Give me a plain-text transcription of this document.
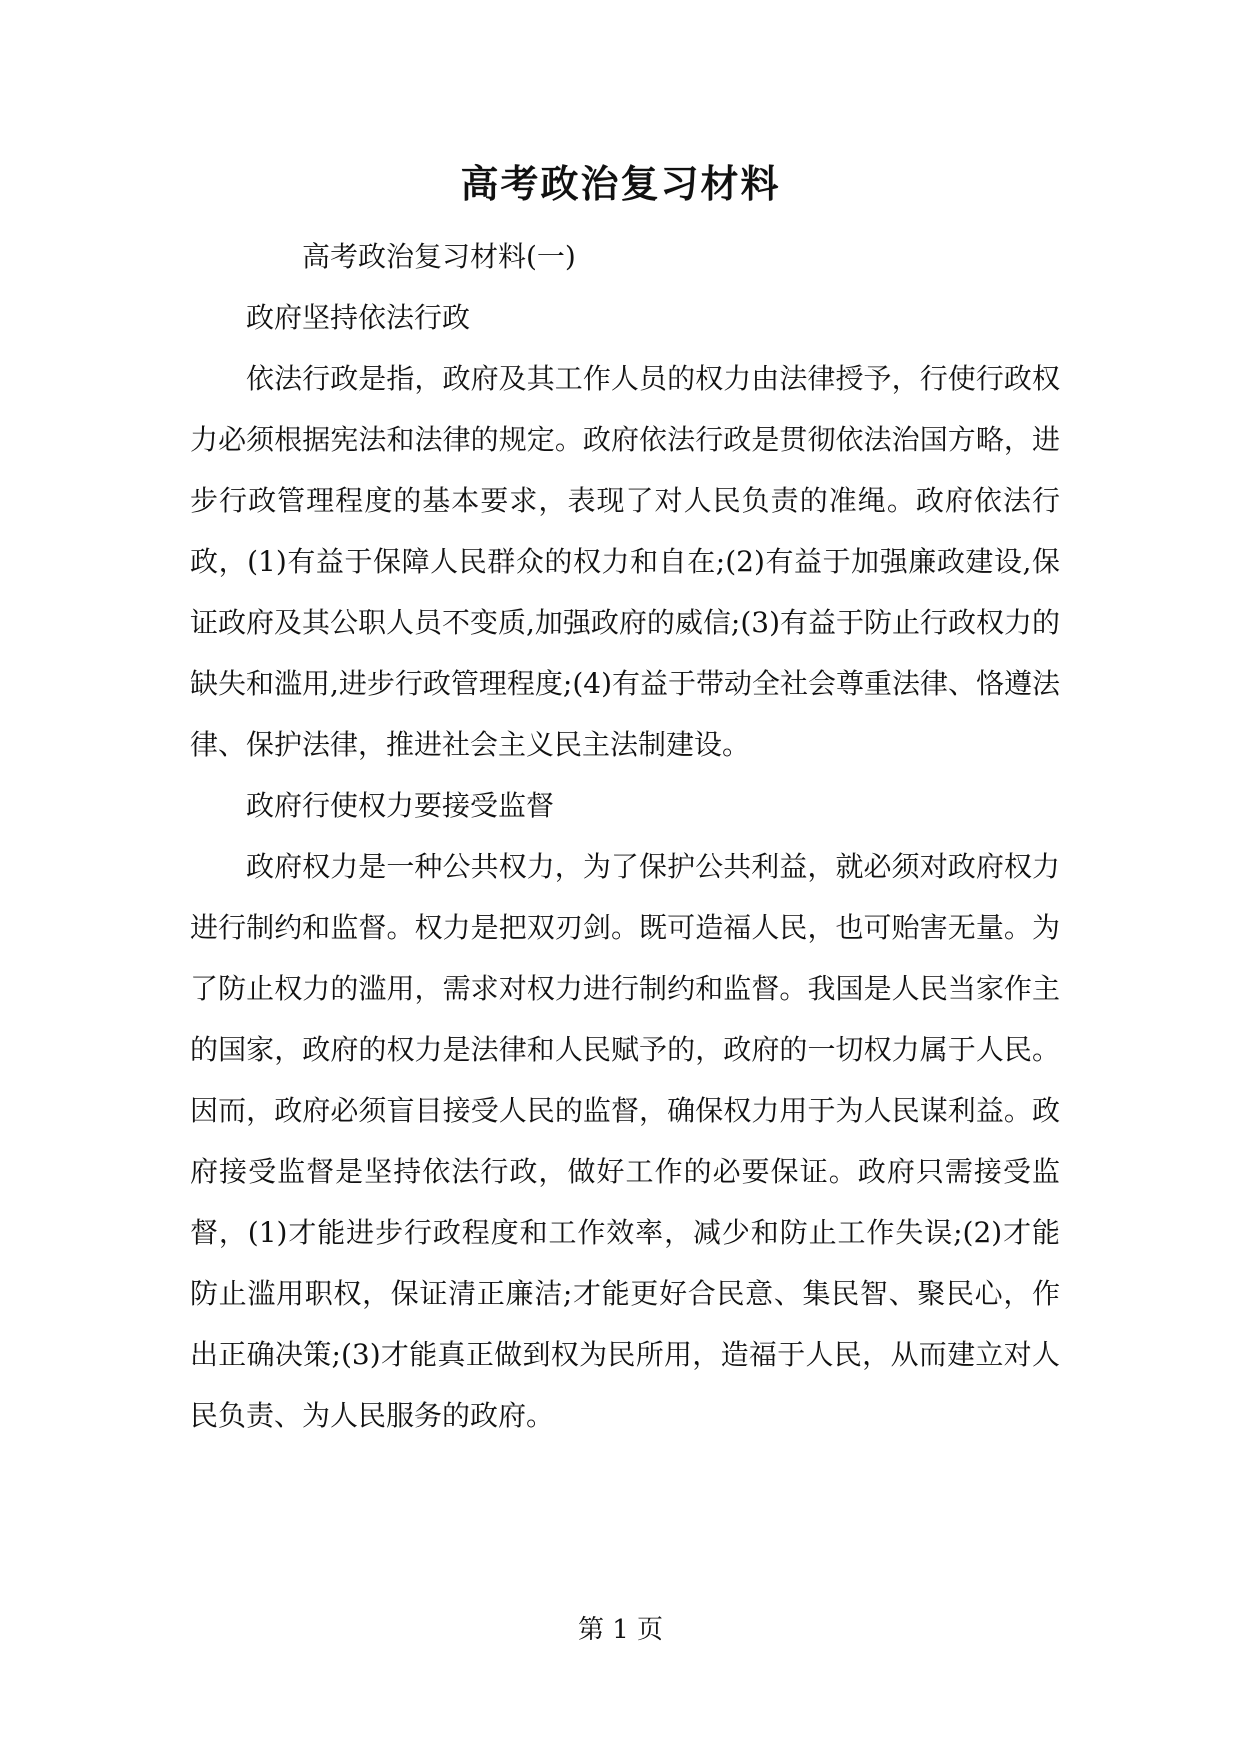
高考政治复习材料

高考政治复习材料(一)

政府坚持依法行政

依法行政是指，政府及其工作人员的权力由法律授予，行使行政权力必须根据宪法和法律的规定。政府依法行政是贯彻依法治国方略，进步行政管理程度的基本要求，表现了对人民负责的准绳。政府依法行政，(1)有益于保障人民群众的权力和自在;(2)有益于加强廉政建设,保证政府及其公职人员不变质,加强政府的威信;(3)有益于防止行政权力的缺失和滥用,进步行政管理程度;(4)有益于带动全社会尊重法律、恪遵法律、保护法律，推进社会主义民主法制建设。

政府行使权力要接受监督

政府权力是一种公共权力，为了保护公共利益，就必须对政府权力进行制约和监督。权力是把双刃剑。既可造福人民，也可贻害无量。为了防止权力的滥用，需求对权力进行制约和监督。我国是人民当家作主的国家，政府的权力是法律和人民赋予的，政府的一切权力属于人民。因而，政府必须盲目接受人民的监督，确保权力用于为人民谋利益。政府接受监督是坚持依法行政，做好工作的必要保证。政府只需接受监督，(1)才能进步行政程度和工作效率，减少和防止工作失误;(2)才能防止滥用职权，保证清正廉洁;才能更好合民意、集民智、聚民心，作出正确决策;(3)才能真正做到权为民所用，造福于人民，从而建立对人民负责、为人民服务的政府。

第 1 页
